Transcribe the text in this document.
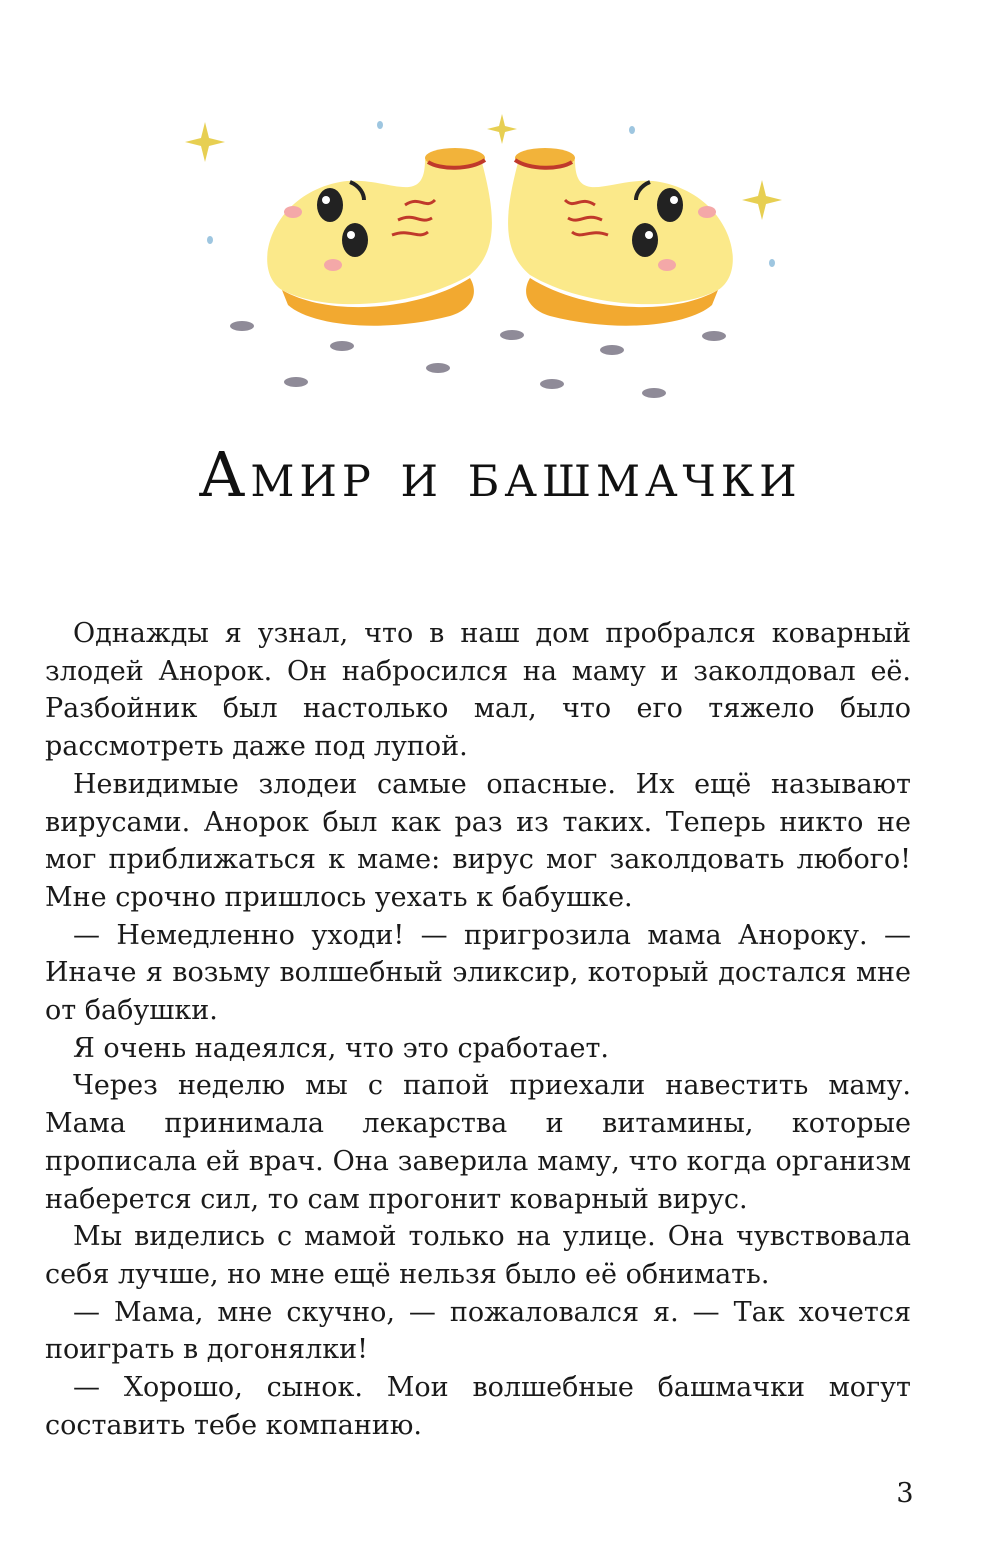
Амир и башмачки

Однажды я узнал, что в наш дом пробрался коварный злодей Анорок. Он набросился на маму и заколдовал её. Разбойник был настолько мал, что его тяжело было рассмотреть даже под лупой.

Невидимые злодеи самые опасные. Их ещё называют вирусами. Анорок был как раз из таких. Теперь никто не мог приближаться к маме: вирус мог заколдовать любого! Мне срочно пришлось уехать к бабушке.

— Немедленно уходи! — пригрозила мама Анороку. — Иначе я возьму волшебный эликсир, который достался мне от бабушки.

Я очень надеялся, что это сработает.

Через неделю мы с папой приехали навестить маму. Мама принимала лекарства и витамины, которые прописала ей врач. Она заверила маму, что когда организм наберется сил, то сам прогонит коварный вирус.

Мы виделись с мамой только на улице. Она чувствовала себя лучше, но мне ещё нельзя было её обнимать.

— Мама, мне скучно, — пожаловался я. — Так хочется поиграть в догонялки!

— Хорошо, сынок. Мои волшебные башмачки могут составить тебе компанию.

3
